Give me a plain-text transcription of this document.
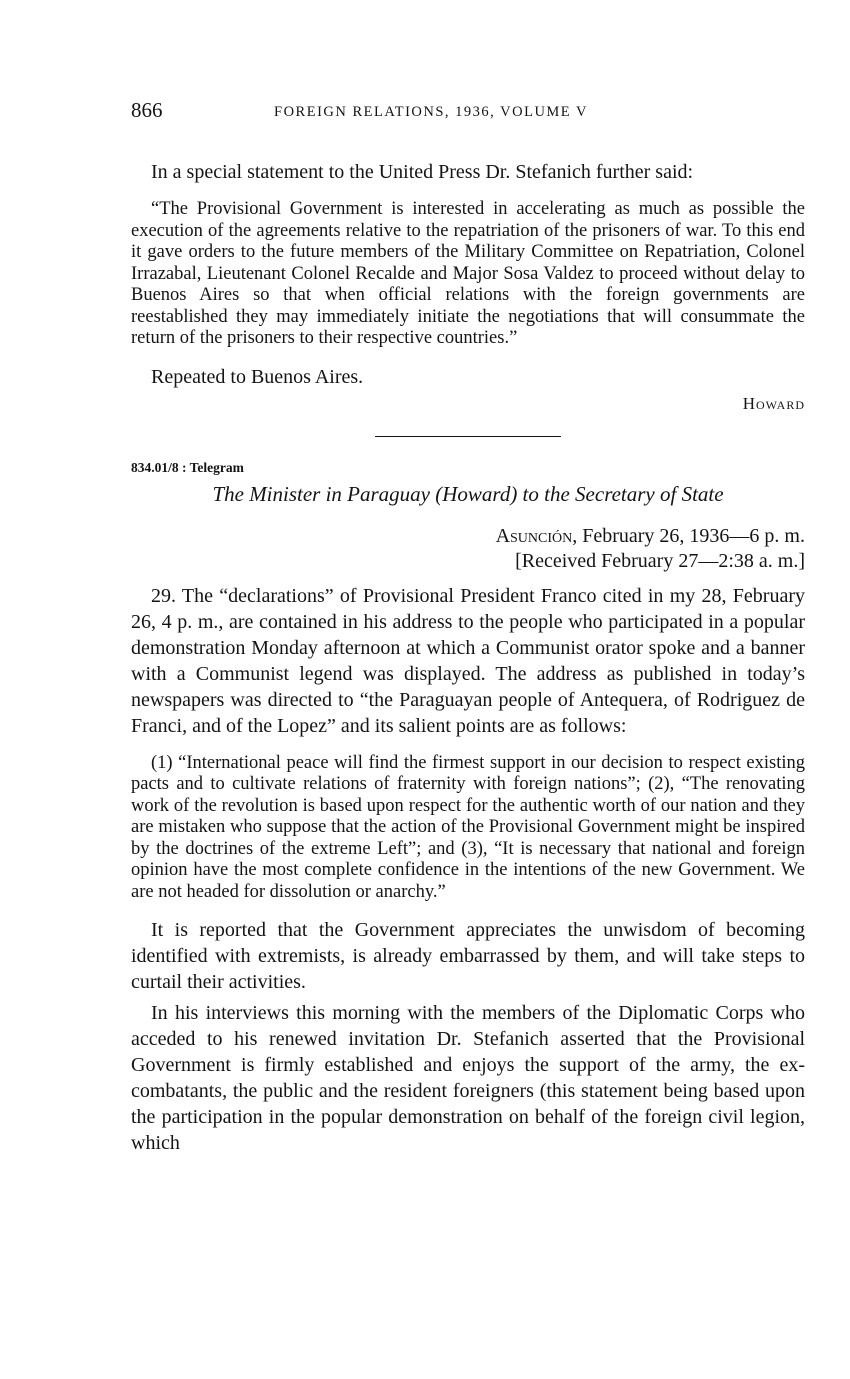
866	FOREIGN RELATIONS, 1936, VOLUME V

In a special statement to the United Press Dr. Stefanich further said:

“The Provisional Government is interested in accelerating as much as possible the execution of the agreements relative to the repatriation of the prisoners of war. To this end it gave orders to the future members of the Military Committee on Repatriation, Colonel Irrazabal, Lieutenant Colonel Recalde and Major Sosa Valdez to proceed without delay to Buenos Aires so that when official relations with the foreign governments are reestablished they may immediately initiate the negotiations that will consummate the return of the prisoners to their respective countries.”

Repeated to Buenos Aires.

Howard

834.01/8 : Telegram

The Minister in Paraguay (Howard) to the Secretary of State

Asunción, February 26, 1936—6 p. m.
[Received February 27—2:38 a. m.]

29. The “declarations” of Provisional President Franco cited in my 28, February 26, 4 p. m., are contained in his address to the people who participated in a popular demonstration Monday afternoon at which a Communist orator spoke and a banner with a Communist legend was displayed. The address as published in today’s newspapers was directed to “the Paraguayan people of Antequera, of Rodriguez de Franci, and of the Lopez” and its salient points are as follows:

(1) “International peace will find the firmest support in our decision to respect existing pacts and to cultivate relations of fraternity with foreign nations”; (2), “The renovating work of the revolution is based upon respect for the authentic worth of our nation and they are mistaken who suppose that the action of the Provisional Government might be inspired by the doctrines of the extreme Left”; and (3), “It is necessary that national and foreign opinion have the most complete confidence in the intentions of the new Government. We are not headed for dissolution or anarchy.”

It is reported that the Government appreciates the unwisdom of becoming identified with extremists, is already embarrassed by them, and will take steps to curtail their activities.

In his interviews this morning with the members of the Diplomatic Corps who acceded to his renewed invitation Dr. Stefanich asserted that the Provisional Government is firmly established and enjoys the support of the army, the ex-combatants, the public and the resident foreigners (this statement being based upon the participation in the popular demonstration on behalf of the foreign civil legion, which
